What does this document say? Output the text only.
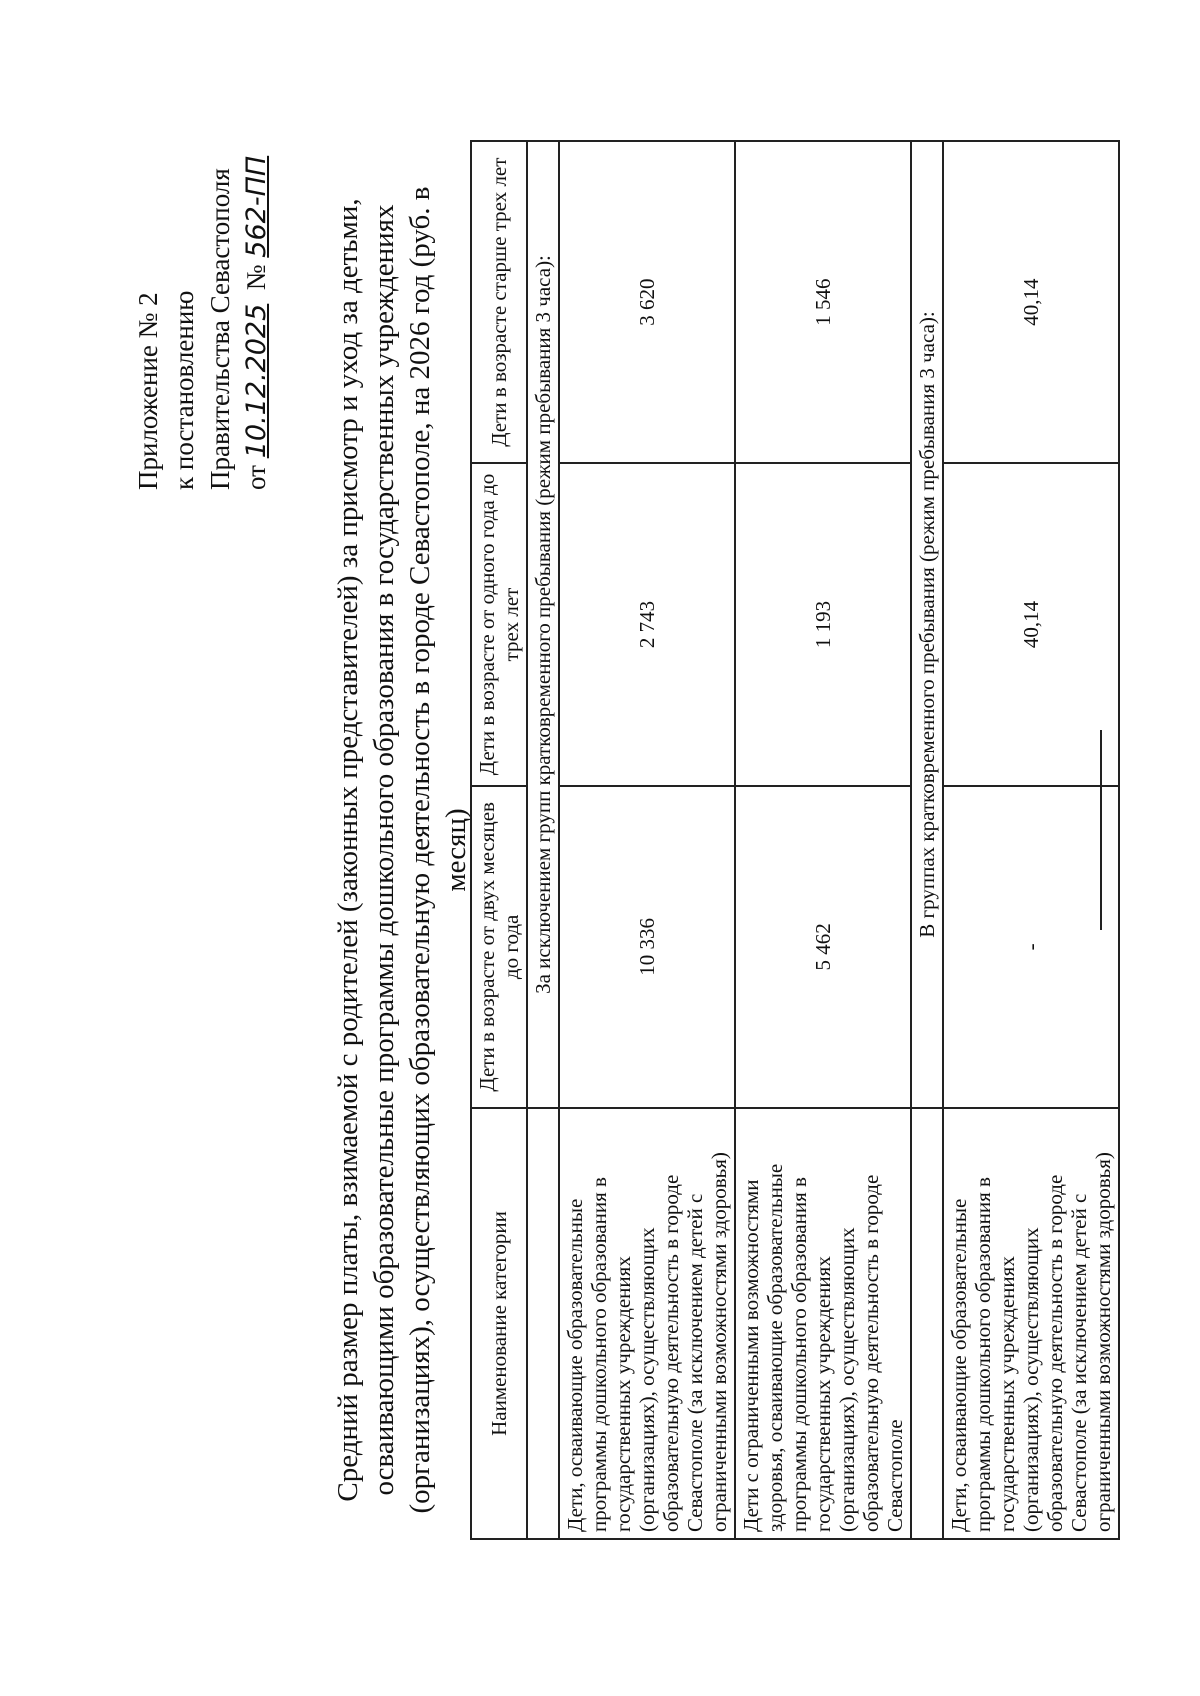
Приложение № 2 к постановлению Правительства Севастополя от 10.12.2025  № 562-ПП Средний размер платы, взимаемой с родителей (законных представителей) за присмотр и уход за детьми, осваивающими образовательные программы дошкольного образования в государственных учреждениях (организациях), осуществляющих образовательную деятельность в городе Севастополе, на 2026 год (руб. в месяц)
Наименование категории	Дети в возрасте от двух месяцев до года	Дети в возрасте от одного года до трех лет	Дети в возрасте старше трех лет
	За исключением групп кратковременного пребывания (режим пребывания 3 часа):		
Дети, осваивающие образовательные программы дошкольного образования в государственных учреждениях (организациях), осуществляющих образовательную деятельность в городе Севастополе (за исключением детей с ограниченными возможностями здоровья)	10 336	2 743	3 620
Дети с ограниченными возможностями здоровья, осваивающие образовательные программы дошкольного образования в государственных учреждениях (организациях), осуществляющих образовательную деятельность в городе Севастополе	5 462	1 193	1 546
	В группах кратковременного пребывания (режим пребывания 3 часа):		
Дети, осваивающие образовательные программы дошкольного образования в государственных учреждениях (организациях), осуществляющих образовательную деятельность в городе Севастополе (за исключением детей с ограниченными возможностями здоровья)	-	40,14	40,14
